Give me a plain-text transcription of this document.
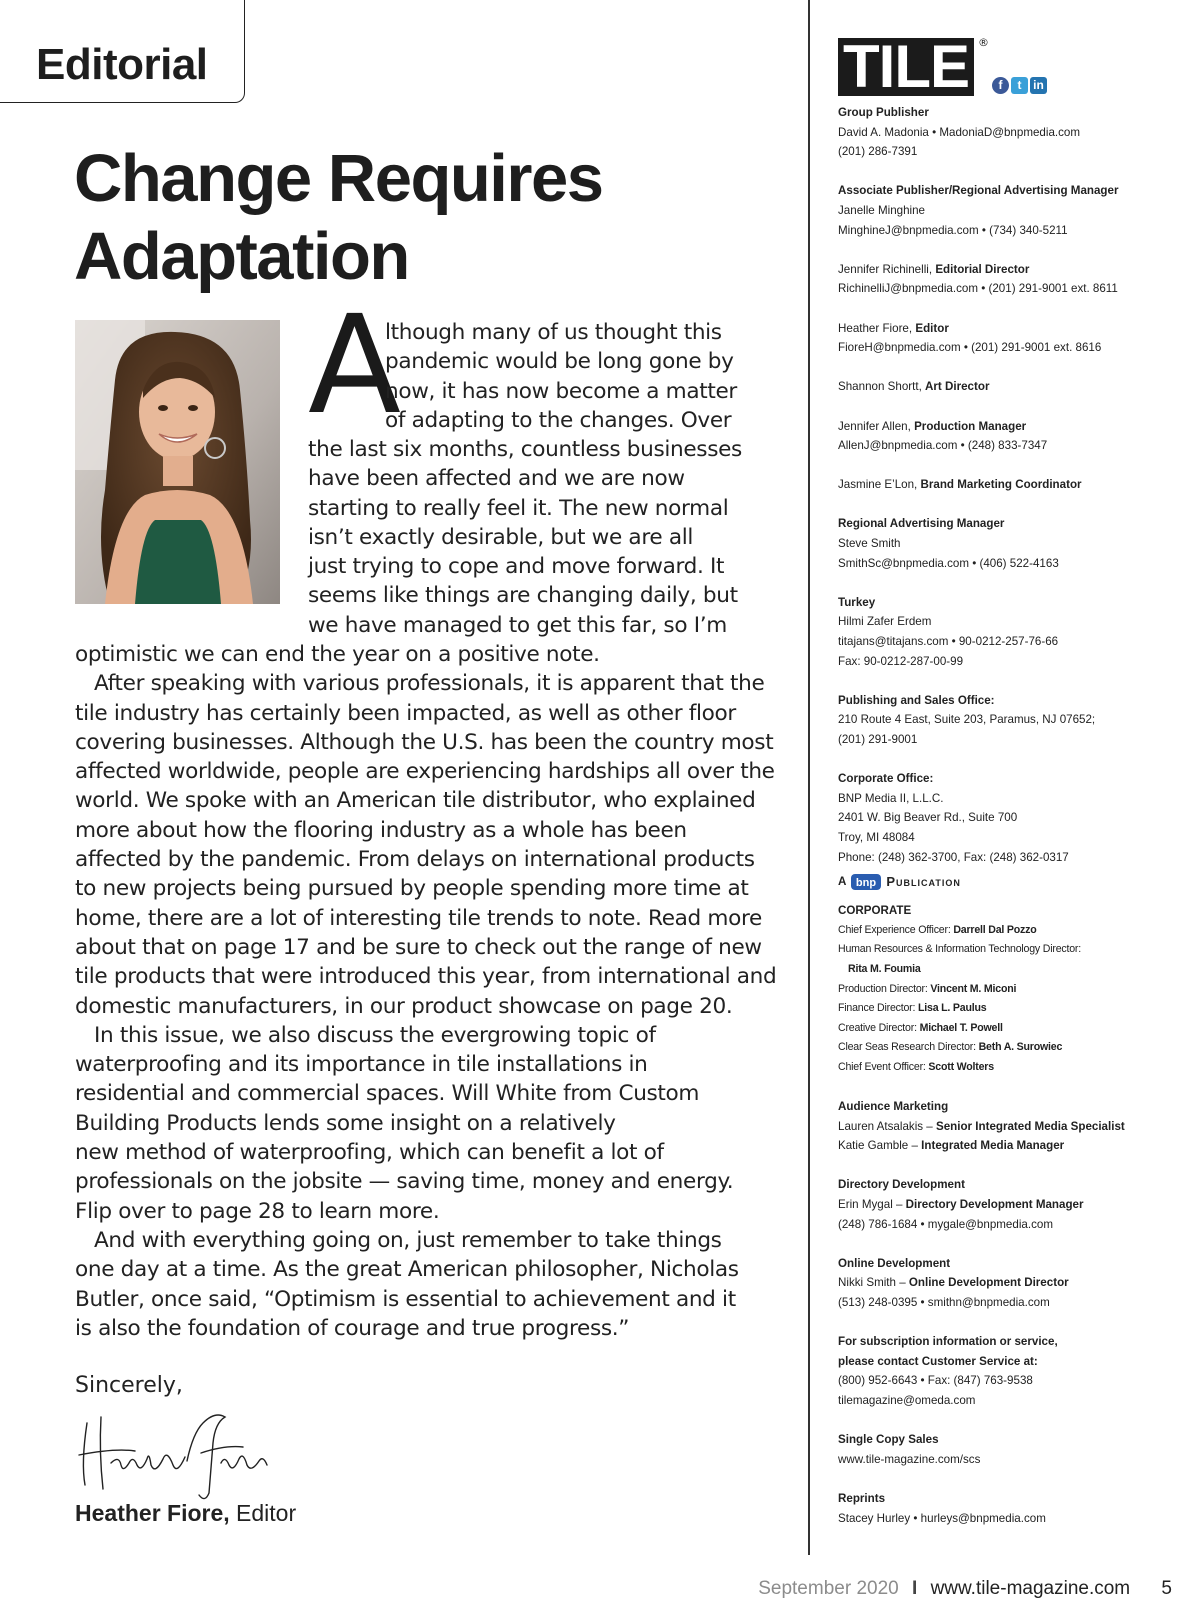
Editorial
Change Requires
Adaptation
A
lthough many of us thought this
pandemic would be long gone by
now, it has now become a matter
of adapting to the changes. Over
the last six months, countless businesses
have been affected and we are now
starting to really feel it. The new normal
isn’t exactly desirable, but we are all
just trying to cope and move forward. It
seems like things are changing daily, but
we have managed to get this far, so I’m
optimistic we can end the year on a positive note.
After speaking with various professionals, it is apparent that the
tile industry has certainly been impacted, as well as other floor
covering businesses. Although the U.S. has been the country most
affected worldwide, people are experiencing hardships all over the
world. We spoke with an American tile distributor, who explained
more about how the flooring industry as a whole has been
affected by the pandemic. From delays on international products
to new projects being pursued by people spending more time at
home, there are a lot of interesting tile trends to note. Read more
about that on page 17 and be sure to check out the range of new
tile products that were introduced this year, from international and
domestic manufacturers, in our product showcase on page 20.
In this issue, we also discuss the evergrowing topic of
waterproofing and its importance in tile installations in
residential and commercial spaces. Will White from Custom
Building Products lends some insight on a relatively
new method of waterproofing, which can benefit a lot of
professionals on the jobsite — saving time, money and energy.
Flip over to page 28 to learn more.
And with everything going on, just remember to take things
one day at a time. As the great American philosopher, Nicholas
Butler, once said, “Optimism is essential to achievement and it
is also the foundation of courage and true progress.”
Sincerely,
Heather Fiore, Editor
TILE ®
f	t in
Group Publisher
David A. Madonia • MadoniaD@bnpmedia.com
(201) 286-7391
Associate Publisher/Regional Advertising Manager
Janelle Minghine
MinghineJ@bnpmedia.com • (734) 340-5211
Jennifer Richinelli, Editorial Director
RichinelliJ@bnpmedia.com • (201) 291-9001 ext. 8611
Heather Fiore, Editor
FioreH@bnpmedia.com • (201) 291-9001 ext. 8616
Shannon Shortt, Art Director
Jennifer Allen, Production Manager
AllenJ@bnpmedia.com • (248) 833-7347
Jasmine E’Lon, Brand Marketing Coordinator
Regional Advertising Manager
Steve Smith
SmithSc@bnpmedia.com • (406) 522-4163
Turkey
Hilmi Zafer Erdem
titajans@titajans.com • 90-0212-257-76-66
Fax: 90-0212-287-00-99
Publishing and Sales Office:
210 Route 4 East, Suite 203, Paramus, NJ 07652;
(201) 291-9001
Corporate Office:
BNP Media II, L.L.C.
2401 W. Big Beaver Rd., Suite 700
Troy, MI 48084
Phone: (248) 362-3700, Fax: (248) 362-0317
A bnp Publication
CORPORATE
Chief Experience Officer: Darrell Dal Pozzo
Human Resources & Information Technology Director:
Rita M. Foumia
Production Director: Vincent M. Miconi
Finance Director: Lisa L. Paulus
Creative Director: Michael T. Powell
Clear Seas Research Director: Beth A. Surowiec
Chief Event Officer: Scott Wolters
Audience Marketing
Lauren Atsalakis – Senior Integrated Media Specialist
Katie Gamble – Integrated Media Manager
Directory Development
Erin Mygal – Directory Development Manager
(248) 786-1684 • mygale@bnpmedia.com
Online Development
Nikki Smith – Online Development Director
(513) 248-0395 • smithn@bnpmedia.com
For subscription information or service,
please contact Customer Service at:
(800) 952-6643 • Fax: (847) 763-9538
tilemagazine@omeda.com
Single Copy Sales
www.tile-magazine.com/scs
Reprints
Stacey Hurley • hurleys@bnpmedia.com
September 2020 I www.tile-magazine.com 5
